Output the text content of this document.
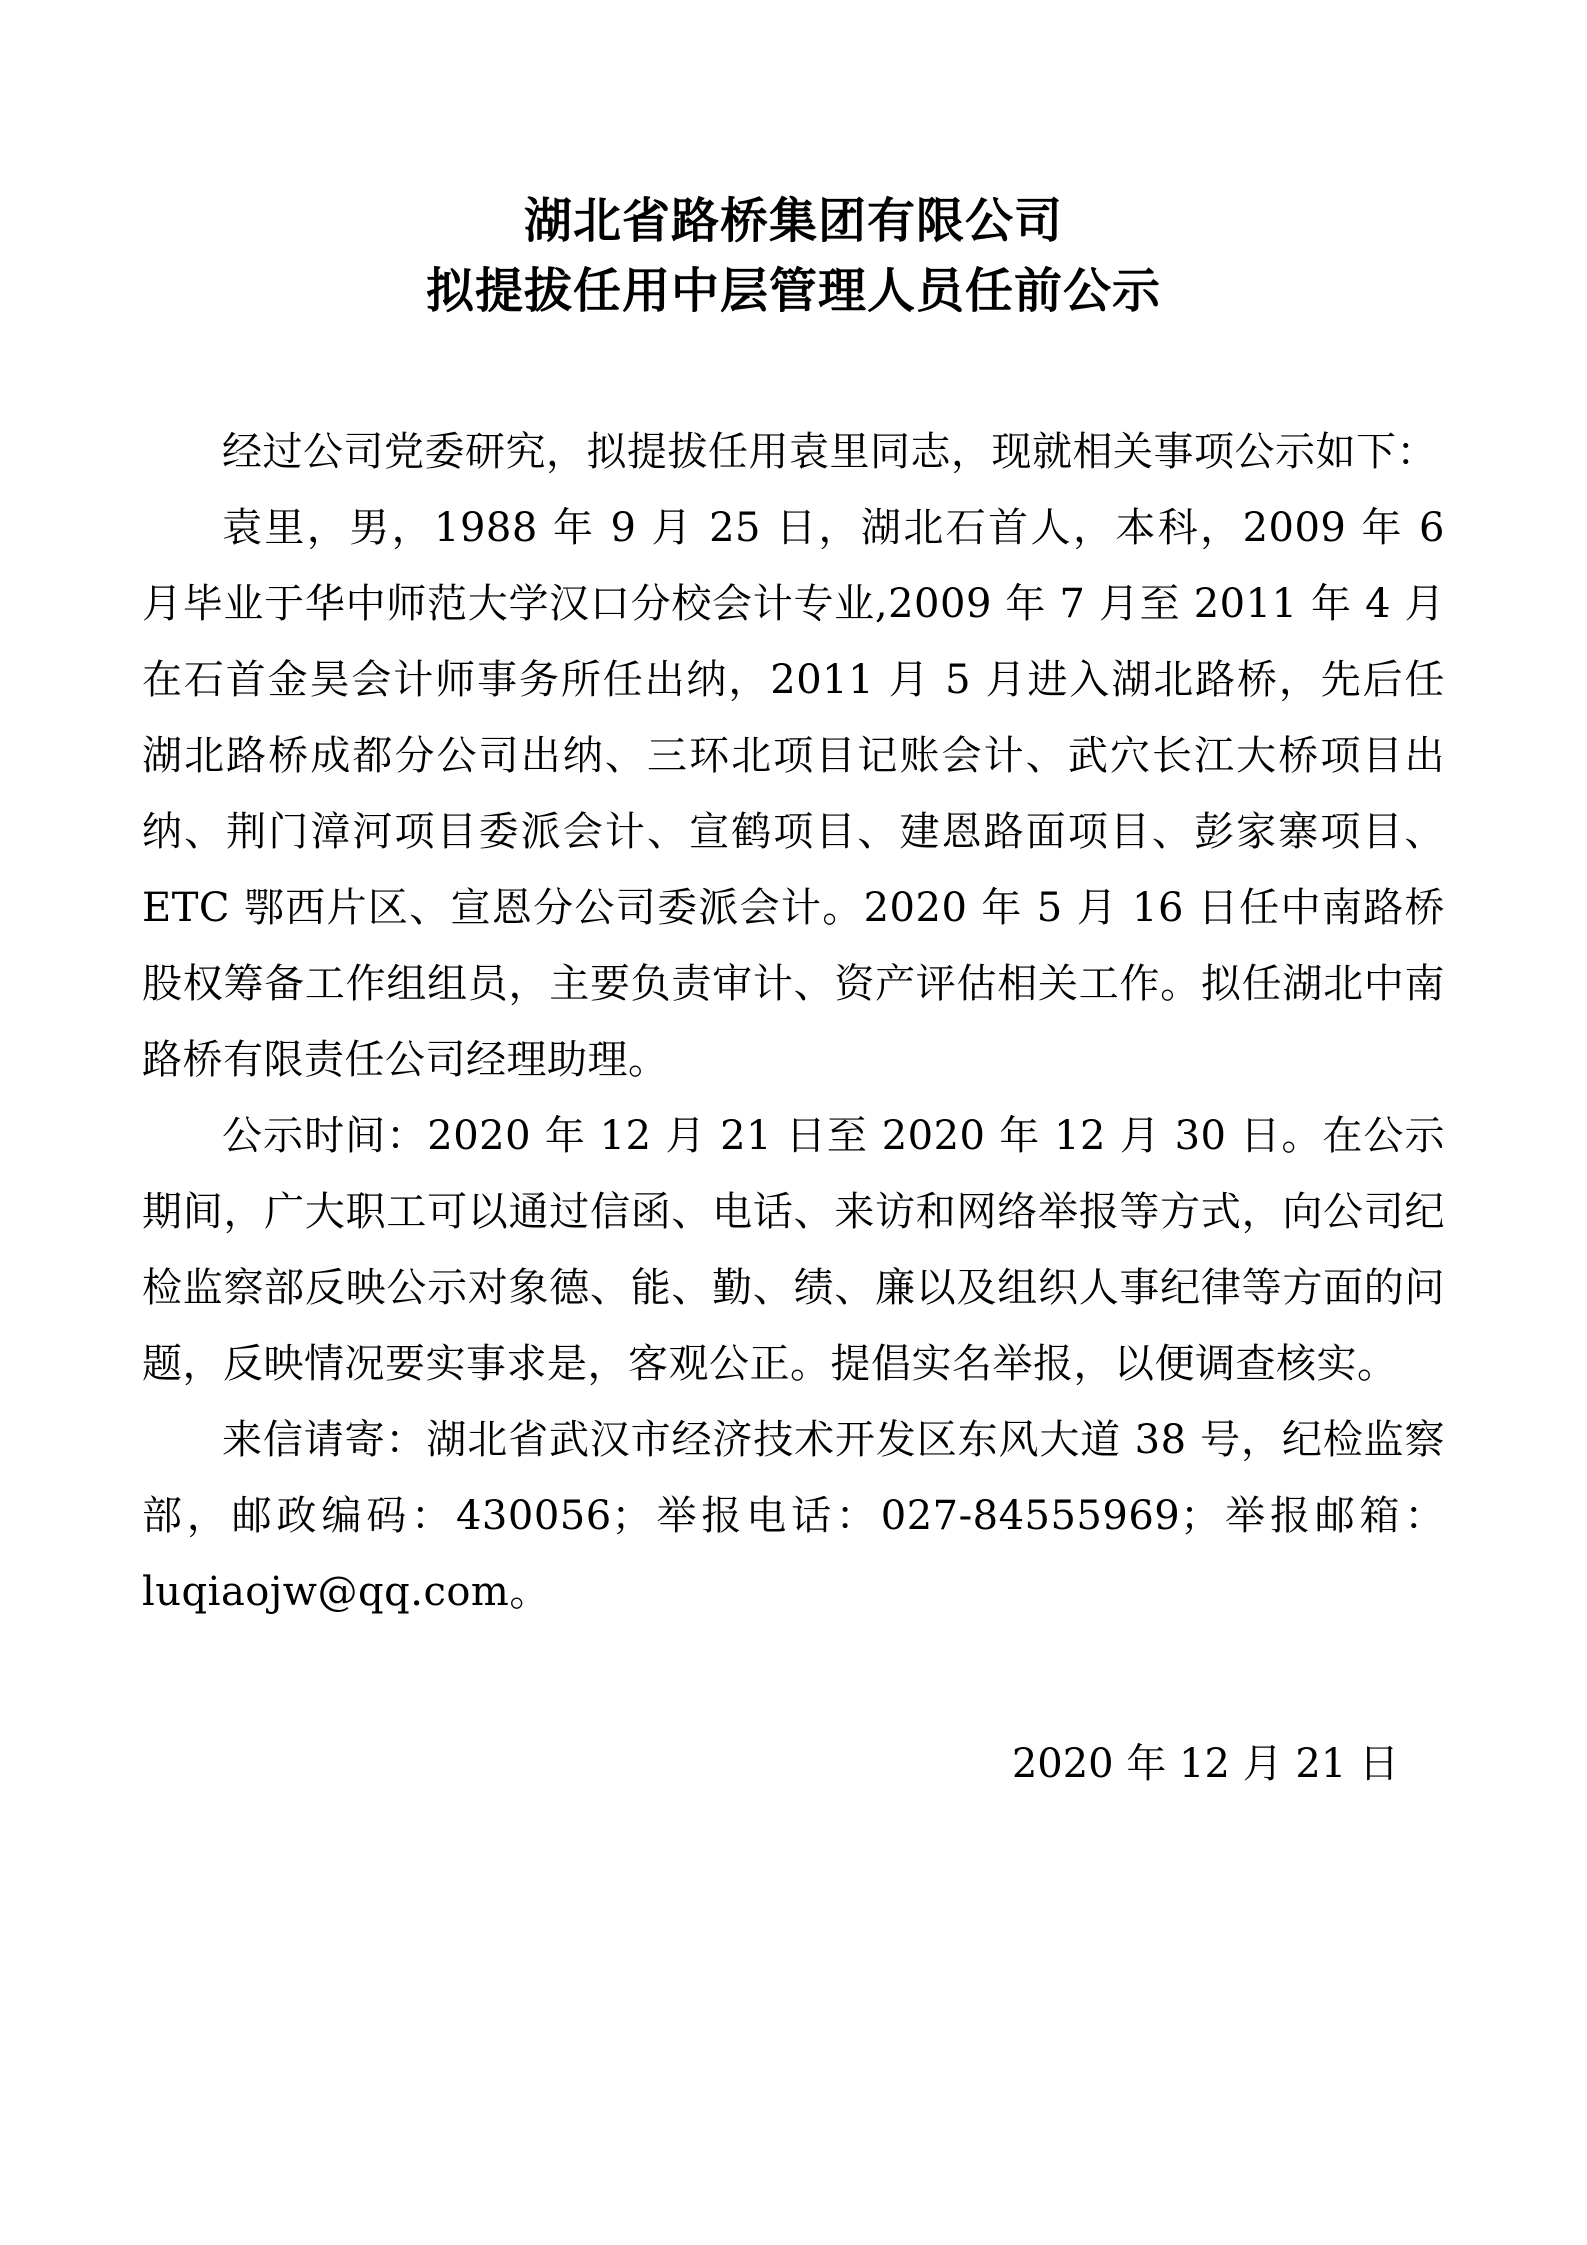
湖北省路桥集团有限公司
拟提拔任用中层管理人员任前公示

经过公司党委研究，拟提拔任用袁里同志，现就相关事项公示如下：

袁里，男，1988 年 9 月 25 日，湖北石首人，本科，2009 年 6 月毕业于华中师范大学汉口分校会计专业,2009 年 7 月至 2011 年 4 月在石首金昊会计师事务所任出纳，2011 月 5 月进入湖北路桥，先后任湖北路桥成都分公司出纳、三环北项目记账会计、武穴长江大桥项目出纳、荆门漳河项目委派会计、宣鹤项目、建恩路面项目、彭家寨项目、ETC 鄂西片区、宣恩分公司委派会计。2020 年 5 月 16 日任中南路桥股权筹备工作组组员，主要负责审计、资产评估相关工作。拟任湖北中南路桥有限责任公司经理助理。

公示时间：2020 年 12 月 21 日至 2020 年 12 月 30 日。在公示期间，广大职工可以通过信函、电话、来访和网络举报等方式，向公司纪检监察部反映公示对象德、能、勤、绩、廉以及组织人事纪律等方面的问题，反映情况要实事求是，客观公正。提倡实名举报，以便调查核实。

来信请寄：湖北省武汉市经济技术开发区东风大道 38 号，纪检监察部，邮政编码：430056；举报电话：027-84555969；举报邮箱：luqiaojw@qq.com。

2020 年 12 月 21 日
